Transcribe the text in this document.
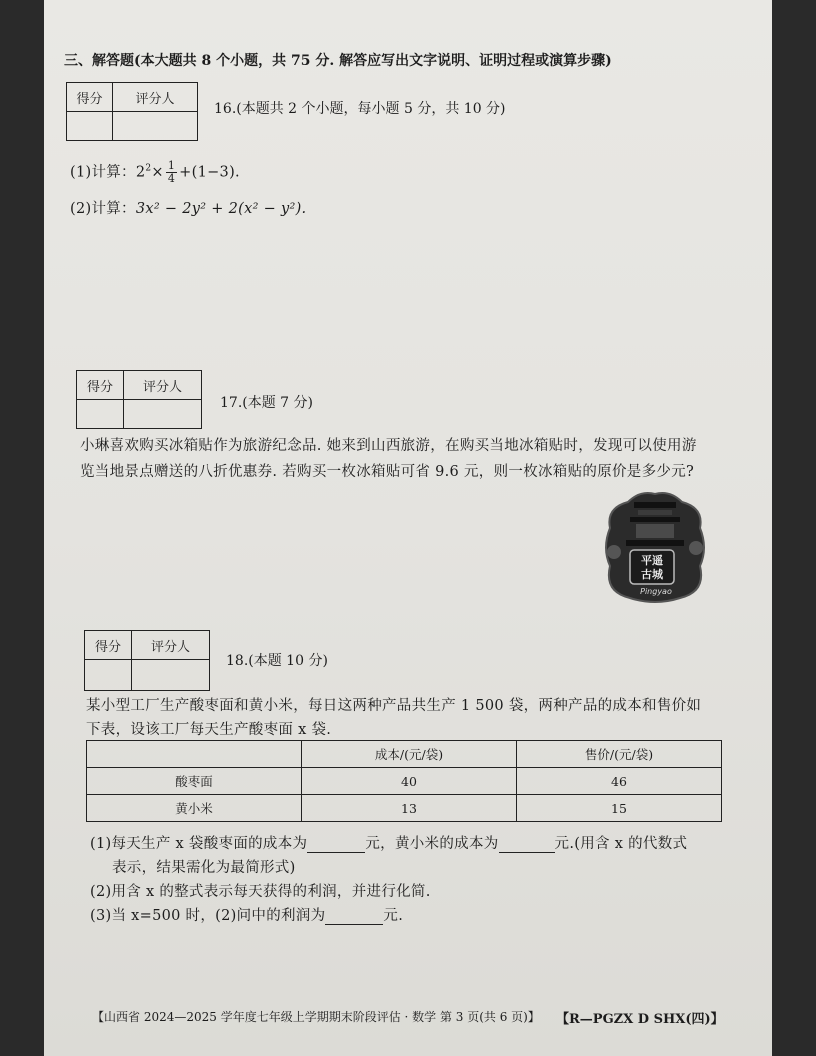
三、解答题(本大题共 8 个小题，共 75 分. 解答应写出文字说明、证明过程或演算步骤)
得分	评分人

16.(本题共 2 个小题，每小题 5 分，共 10 分)
(1)计算：$2^2\times \frac{1}{4} +(1-3)$.
(2)计算：3x² − 2y² + 2(x² − y²).
得分	评分人

17.(本题 7 分)
小琳喜欢购买冰箱贴作为旅游纪念品. 她来到山西旅游，在购买当地冰箱贴时，发现可以使用游
览当地景点赠送的八折优惠券. 若购买一枚冰箱贴可省 9.6 元，则一枚冰箱贴的原价是多少元?
平遥
古城
Pingyao
得分	评分人

18.(本题 10 分)
某小型工厂生产酸枣面和黄小米，每日这两种产品共生产 1 500 袋，两种产品的成本和售价如
下表，设该工厂每天生产酸枣面 x 袋.
	成本/(元/袋)	售价/(元/袋)
酸枣面	40	46
黄小米	13	15
(1)每天生产 x 袋酸枣面的成本为	元，黄小米的成本为	元.(用含 x 的代数式
表示，结果需化为最简形式)
(2)用含 x 的整式表示每天获得的利润，并进行化简.
(3)当 x=500 时，(2)问中的利润为	元.
【山西省 2024—2025 学年度七年级上学期期末阶段评估 · 数学 第 3 页(共 6 页)】 【R—PGZX D SHX(四)】
